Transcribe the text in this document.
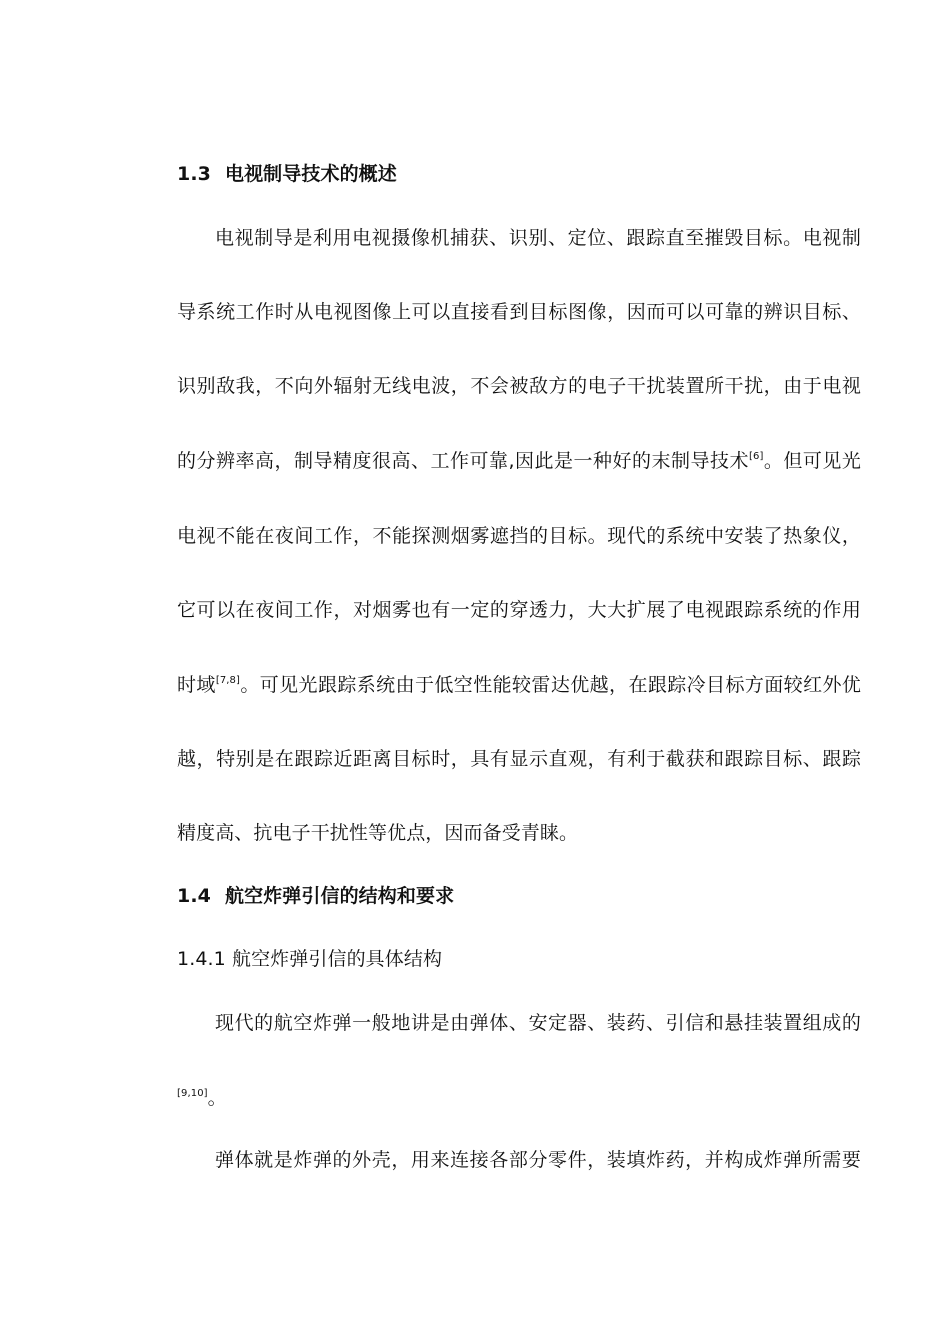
1.3 电视制导技术的概述
电视制导是利用电视摄像机捕获、识别、定位、跟踪直至摧毁目标。电视制
导系统工作时从电视图像上可以直接看到目标图像，因而可以可靠的辨识目标、
识别敌我，不向外辐射无线电波，不会被敌方的电子干扰装置所干扰，由于电视
的分辨率高，制导精度很高、工作可靠,因此是一种好的末制导技术[6]。但可见光
电视不能在夜间工作，不能探测烟雾遮挡的目标。现代的系统中安装了热象仪，
它可以在夜间工作，对烟雾也有一定的穿透力，大大扩展了电视跟踪系统的作用
时域[7,8]。可见光跟踪系统由于低空性能较雷达优越，在跟踪冷目标方面较红外优
越，特别是在跟踪近距离目标时，具有显示直观，有利于截获和跟踪目标、跟踪
精度高、抗电子干扰性等优点，因而备受青睐。
1.4 航空炸弹引信的结构和要求
1.4.1 航空炸弹引信的具体结构
现代的航空炸弹一般地讲是由弹体、安定器、装药、引信和悬挂装置组成的
[9,10]。
弹体就是炸弹的外壳，用来连接各部分零件，装填炸药，并构成炸弹所需要
